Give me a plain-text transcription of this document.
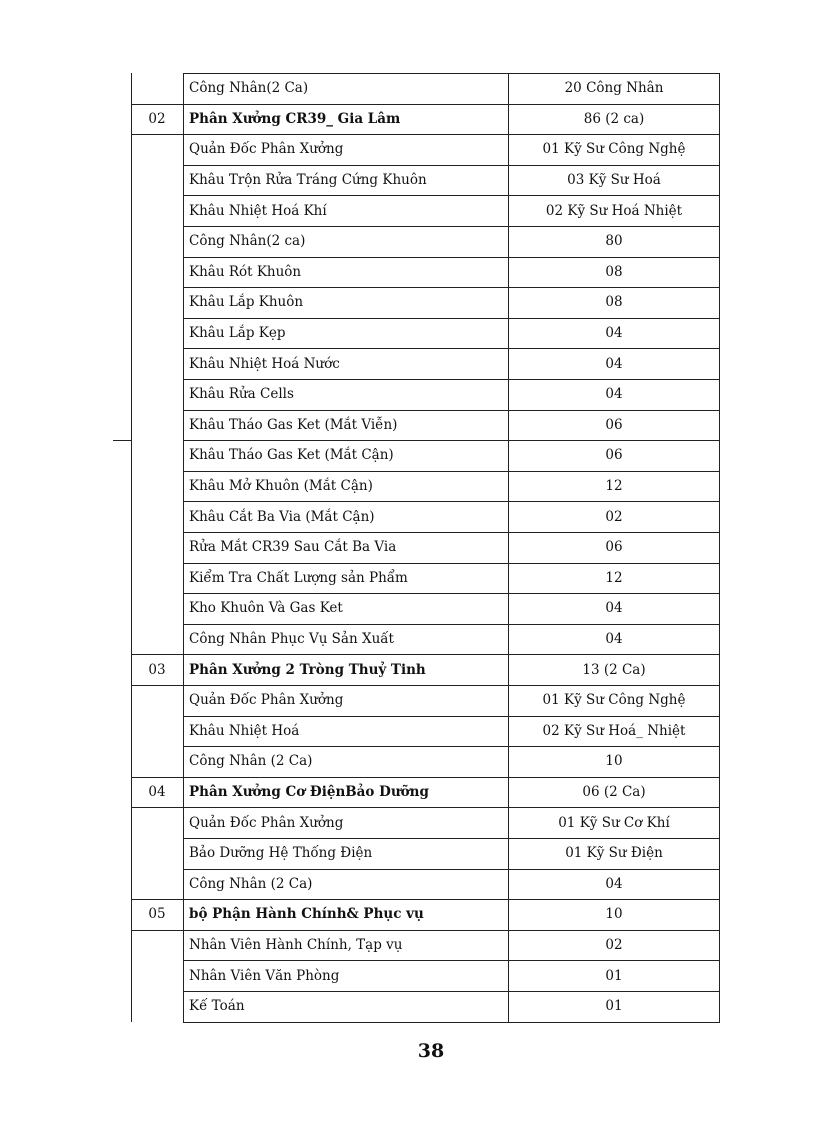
Công Nhân(2 Ca)	20 Công Nhân
02	Phân Xưởng CR39_ Gia Lâm	86 (2 ca)
Quản Đốc Phân Xưởng	01 Kỹ Sư Công Nghệ
Khâu Trộn Rửa Tráng Cứng Khuôn	03 Kỹ Sư Hoá
Khâu Nhiệt Hoá Khí	02 Kỹ Sư Hoá Nhiệt
Công Nhân(2 ca)	80
Khâu Rót Khuôn	08
Khâu Lắp Khuôn	08
Khâu Lắp Kẹp	04
Khâu Nhiệt Hoá Nước	04
Khâu Rửa Cells	04
Khâu Tháo Gas Ket (Mắt Viễn)	06
Khâu Tháo Gas Ket (Mắt Cận)	06
Khâu Mở Khuôn (Mắt Cận)	12
Khâu Cắt Ba Via (Mắt Cận)	02
Rửa Mắt CR39 Sau Cắt Ba Via	06
Kiểm Tra Chất Lượng sản Phẩm	12
Kho Khuôn Và Gas Ket	04
Công Nhân Phục Vụ Sản Xuất	04
03	Phân Xưởng 2 Tròng Thuỷ Tinh	13 (2 Ca)
Quản Đốc Phân Xưởng	01 Kỹ Sư Công Nghệ
Khâu Nhiệt Hoá	02 Kỹ Sư Hoá_ Nhiệt
Công Nhân (2 Ca)	10
04	Phân Xưởng Cơ ĐiệnBảo Dưỡng	06 (2 Ca)
Quản Đốc Phân Xưởng	01 Kỹ Sư Cơ Khí
Bảo Dưỡng Hệ Thống Điện	01 Kỹ Sư Điện
Công Nhân (2 Ca)	04
05	bộ Phận Hành Chính& Phục vụ	10
Nhân Viên Hành Chính, Tạp vụ	02
Nhân Viên Văn Phòng	01
Kế Toán	01
38
